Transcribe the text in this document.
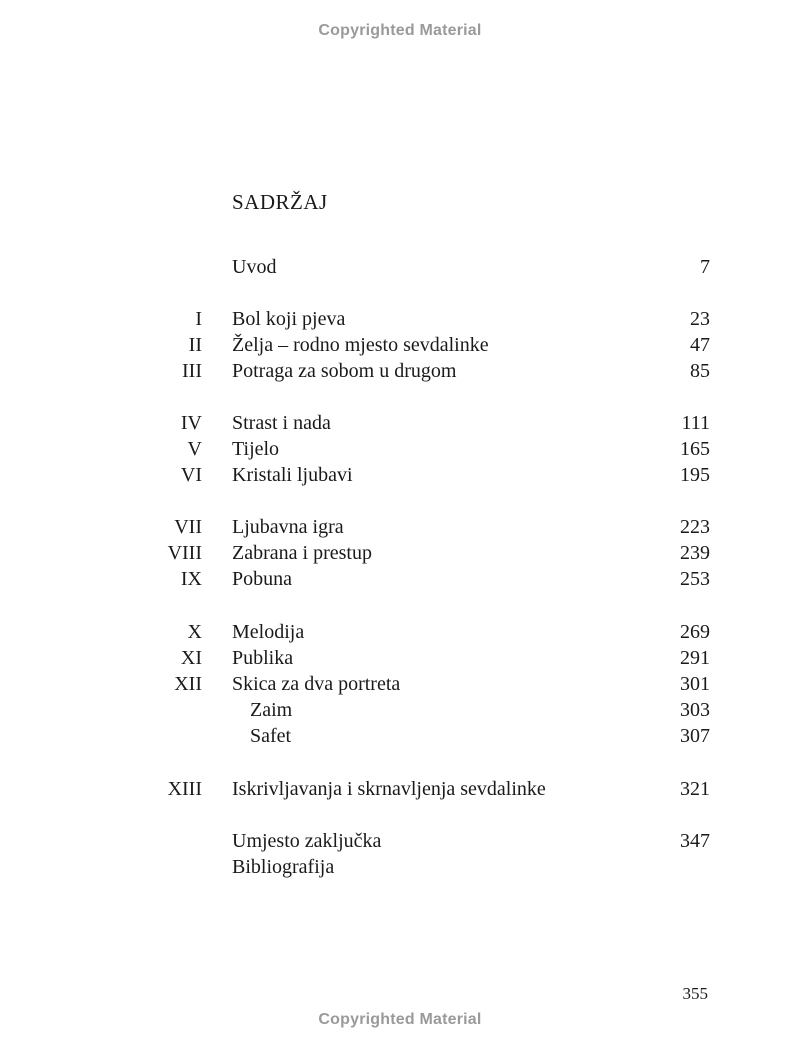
Copyrighted Material
SADRŽAJ
Uvod	7
I Bol koji pjeva	23
II Želja – rodno mjesto sevdalinke	47
III Potraga za sobom u drugom	85
IV Strast i nada	111
V Tijelo	165
VI Kristali ljubavi	195
VII Ljubavna igra	223
VIII Zabrana i prestup	239
IX Pobuna	253
X Melodija	269
XI Publika	291
XII Skica za dva portreta	301
Zaim	303
Safet	307
XIII Iskrivljavanja i skrnavljenja sevdalinke	321
Umjesto zaključka	347
Bibliografija
355
Copyrighted Material
